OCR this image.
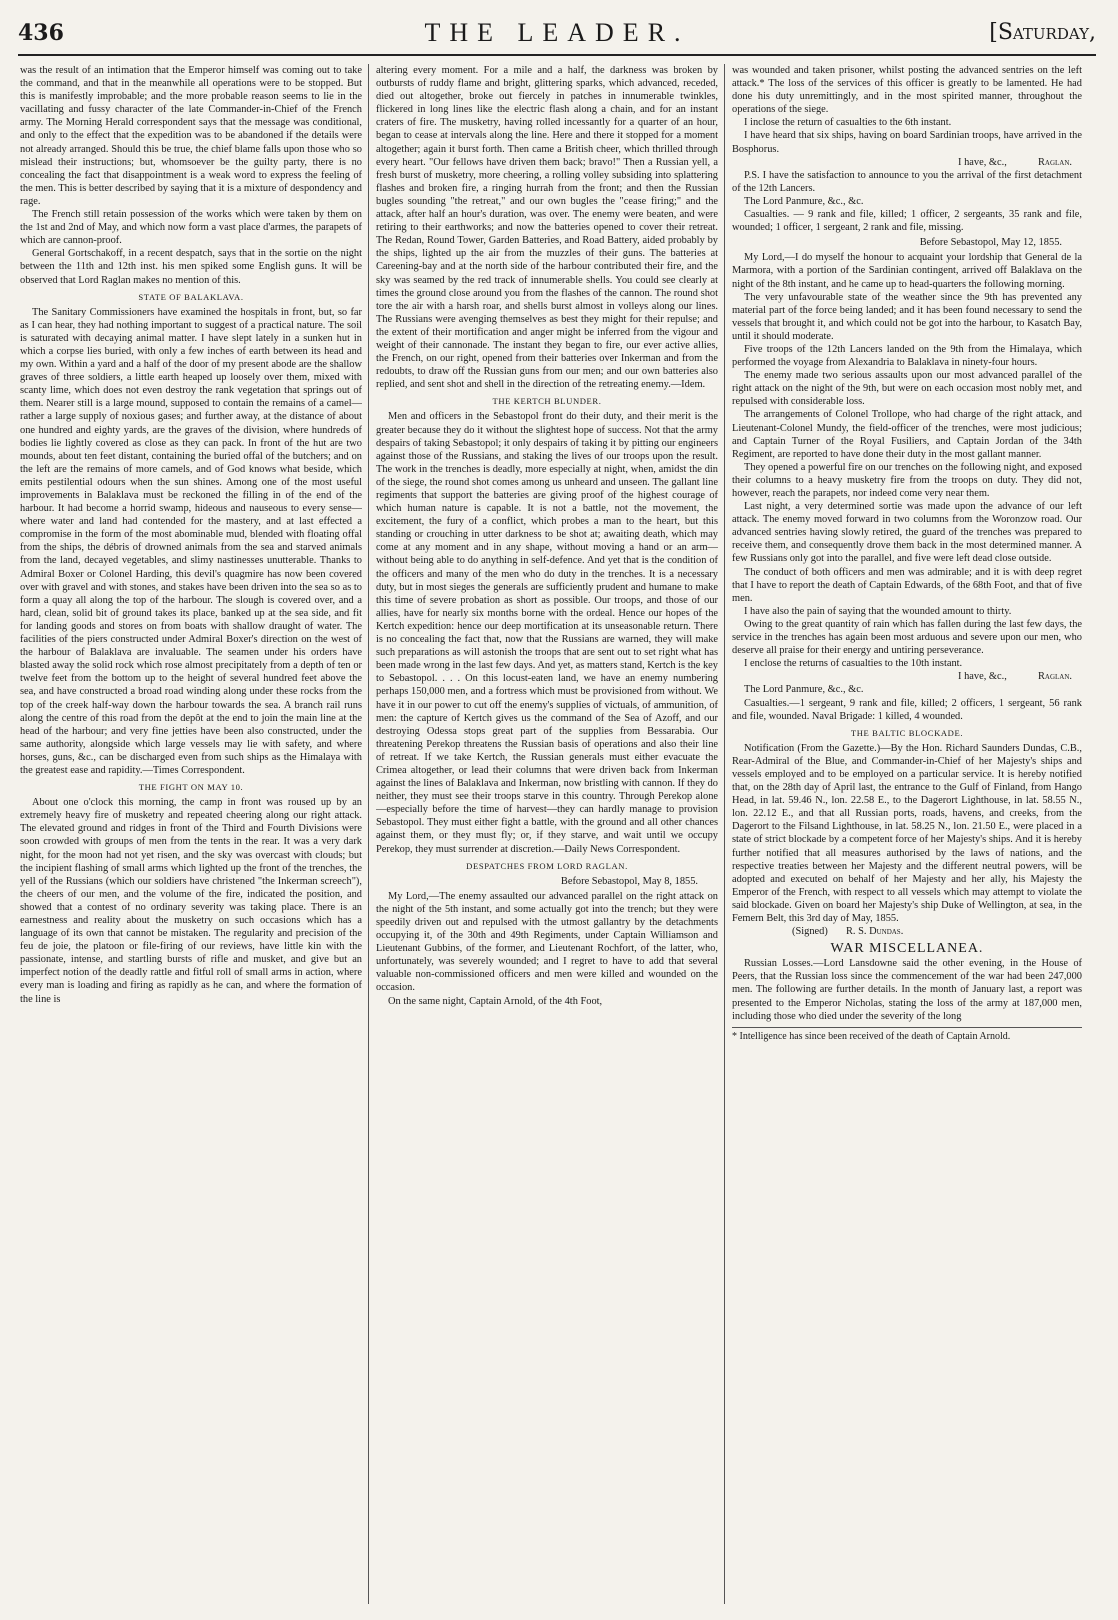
436	THE LEADER.	[Saturday,

was the result of an intimation that the Emperor himself was coming out to take the command, and that in the meanwhile all operations were to be stopped. But this is manifestly improbable; and the more probable reason seems to lie in the vacillating and fussy character of the late Commander-in-Chief of the French army. The Morning Herald correspondent says that the message was conditional, and only to the effect that the expedition was to be abandoned if the details were not already arranged. Should this be true, the chief blame falls upon those who so mislead their instructions; but, whomsoever be the guilty party, there is no concealing the fact that disappointment is a weak word to express the feeling of the men. This is better described by saying that it is a mixture of despondency and rage.

The French still retain possession of the works which were taken by them on the 1st and 2nd of May, and which now form a vast place d'armes, the parapets of which are cannon-proof.

General Gortschakoff, in a recent despatch, says that in the sortie on the night between the 11th and 12th inst. his men spiked some English guns. It will be observed that Lord Raglan makes no mention of this.

STATE OF BALAKLAVA.

The Sanitary Commissioners have examined the hospitals in front, but, so far as I can hear, they had nothing important to suggest of a practical nature. The soil is saturated with decaying animal matter. I have slept lately in a sunken hut in which a corpse lies buried, with only a few inches of earth between its head and my own. Within a yard and a half of the door of my present abode are the shallow graves of three soldiers, a little earth heaped up loosely over them, mixed with scanty lime, which does not even destroy the rank vegetation that springs out of them. Nearer still is a large mound, supposed to contain the remains of a camel—rather a large supply of noxious gases; and further away, at the distance of about one hundred and eighty yards, are the graves of the division, where hundreds of bodies lie lightly covered as close as they can pack. In front of the hut are two mounds, about ten feet distant, containing the buried offal of the butchers; and on the left are the remains of more camels, and of God knows what beside, which emits pestilential odours when the sun shines. Among one of the most useful improvements in Balaklava must be reckoned the filling in of the end of the harbour. It had become a horrid swamp, hideous and nauseous to every sense—where water and land had contended for the mastery, and at last effected a compromise in the form of the most abominable mud, blended with floating offal from the ships, the débris of drowned animals from the sea and starved animals from the land, decayed vegetables, and slimy nastinesses unutterable. Thanks to Admiral Boxer or Colonel Harding, this devil's quagmire has now been covered over with gravel and with stones, and stakes have been driven into the sea so as to form a quay all along the top of the harbour. The slough is covered over, and a hard, clean, solid bit of ground takes its place, banked up at the sea side, and fit for landing goods and stores on from boats with shallow draught of water. The facilities of the piers constructed under Admiral Boxer's direction on the west of the harbour of Balaklava are invaluable. The seamen under his orders have blasted away the solid rock which rose almost precipitately from a depth of ten or twelve feet from the bottom up to the height of several hundred feet above the sea, and have constructed a broad road winding along under these rocks from the top of the creek half-way down the harbour towards the sea. A branch rail runs along the centre of this road from the depôt at the end to join the main line at the head of the harbour; and very fine jetties have been also constructed, under the same authority, alongside which large vessels may lie with safety, and where horses, guns, &c., can be discharged even from such ships as the Himalaya with the greatest ease and rapidity.—Times Correspondent.

THE FIGHT ON MAY 10.

About one o'clock this morning, the camp in front was roused up by an extremely heavy fire of musketry and repeated cheering along our right attack. The elevated ground and ridges in front of the Third and Fourth Divisions were soon crowded with groups of men from the tents in the rear. It was a very dark night, for the moon had not yet risen, and the sky was overcast with clouds; but the incipient flashing of small arms which lighted up the front of the trenches, the yell of the Russians (which our soldiers have christened "the Inkerman screech"), the cheers of our men, and the volume of the fire, indicated the position, and showed that a contest of no ordinary severity was taking place. There is an earnestness and reality about the musketry on such occasions which has a language of its own that cannot be mistaken. The regularity and precision of the feu de joie, the platoon or file-firing of our reviews, have little kin with the passionate, intense, and startling bursts of rifle and musket, and give but an imperfect notion of the deadly rattle and fitful roll of small arms in action, where every man is loading and firing as rapidly as he can, and where the formation of the line is

altering every moment. For a mile and a half, the darkness was broken by outbursts of ruddy flame and bright, glittering sparks, which advanced, receded, died out altogether, broke out fiercely in patches in innumerable twinkles, flickered in long lines like the electric flash along a chain, and for an instant craters of fire. The musketry, having rolled incessantly for a quarter of an hour, began to cease at intervals along the line. Here and there it stopped for a moment altogether; again it burst forth. Then came a British cheer, which thrilled through every heart. "Our fellows have driven them back; bravo!" Then a Russian yell, a fresh burst of musketry, more cheering, a rolling volley subsiding into splattering flashes and broken fire, a ringing hurrah from the front; and then the Russian bugles sounding "the retreat," and our own bugles the "cease firing;" and the attack, after half an hour's duration, was over. The enemy were beaten, and were retiring to their earthworks; and now the batteries opened to cover their retreat. The Redan, Round Tower, Garden Batteries, and Road Battery, aided probably by the ships, lighted up the air from the muzzles of their guns. The batteries at Careening-bay and at the north side of the harbour contributed their fire, and the sky was seamed by the red track of innumerable shells. You could see clearly at times the ground close around you from the flashes of the cannon. The round shot tore the air with a harsh roar, and shells burst almost in volleys along our lines. The Russians were avenging themselves as best they might for their repulse; and the extent of their mortification and anger might be inferred from the vigour and weight of their cannonade. The instant they began to fire, our ever active allies, the French, on our right, opened from their batteries over Inkerman and from the redoubts, to draw off the Russian guns from our men; and our own batteries also replied, and sent shot and shell in the direction of the retreating enemy.—Idem.

THE KERTCH BLUNDER.

Men and officers in the Sebastopol front do their duty, and their merit is the greater because they do it without the slightest hope of success. Not that the army despairs of taking Sebastopol; it only despairs of taking it by pitting our engineers against those of the Russians, and staking the lives of our troops upon the result. The work in the trenches is deadly, more especially at night, when, amidst the din of the siege, the round shot comes among us unheard and unseen. The gallant line regiments that support the batteries are giving proof of the highest courage of which human nature is capable. It is not a battle, not the movement, the excitement, the fury of a conflict, which probes a man to the heart, but this standing or crouching in utter darkness to be shot at; awaiting death, which may come at any moment and in any shape, without moving a hand or an arm—without being able to do anything in self-defence. And yet that is the condition of the officers and many of the men who do duty in the trenches. It is a necessary duty, but in most sieges the generals are sufficiently prudent and humane to make this time of severe probation as short as possible. Our troops, and those of our allies, have for nearly six months borne with the ordeal. Hence our hopes of the Kertch expedition: hence our deep mortification at its unseasonable return. There is no concealing the fact that, now that the Russians are warned, they will make such preparations as will astonish the troops that are sent out to set right what has been made wrong in the last few days. And yet, as matters stand, Kertch is the key to Sebastopol. . . . On this locust-eaten land, we have an enemy numbering perhaps 150,000 men, and a fortress which must be provisioned from without. We have it in our power to cut off the enemy's supplies of victuals, of ammunition, of men: the capture of Kertch gives us the command of the Sea of Azoff, and our destroying Odessa stops great part of the supplies from Bessarabia. Our threatening Perekop threatens the Russian basis of operations and also their line of retreat. If we take Kertch, the Russian generals must either evacuate the Crimea altogether, or lead their columns that were driven back from Inkerman against the lines of Balaklava and Inkerman, now bristling with cannon. If they do neither, they must see their troops starve in this country. Through Perekop alone—especially before the time of harvest—they can hardly manage to provision Sebastopol. They must either fight a battle, with the ground and all other chances against them, or they must fly; or, if they starve, and wait until we occupy Perekop, they must surrender at discretion.—Daily News Correspondent.

DESPATCHES FROM LORD RAGLAN.
Before Sebastopol, May 8, 1855.

My Lord,—The enemy assaulted our advanced parallel on the right attack on the night of the 5th instant, and some actually got into the trench; but they were speedily driven out and repulsed with the utmost gallantry by the detachments occupying it, of the 30th and 49th Regiments, under Captain Williamson and Lieutenant Gubbins, of the former, and Lieutenant Rochfort, of the latter, who, unfortunately, was severely wounded; and I regret to have to add that several valuable non-commissioned officers and men were killed and wounded on the occasion.

On the same night, Captain Arnold, of the 4th Foot,

was wounded and taken prisoner, whilst posting the advanced sentries on the left attack.* The loss of the services of this officer is greatly to be lamented. He had done his duty unremittingly, and in the most spirited manner, throughout the operations of the siege.

I inclose the return of casualties to the 6th instant.

I have heard that six ships, having on board Sardinian troops, have arrived in the Bosphorus.

I have, &c.,	Raglan.

P.S. I have the satisfaction to announce to you the arrival of the first detachment of the 12th Lancers.

The Lord Panmure, &c., &c.

Casualties. — 9 rank and file, killed; 1 officer, 2 sergeants, 35 rank and file, wounded; 1 officer, 1 sergeant, 2 rank and file, missing.

Before Sebastopol, May 12, 1855.

My Lord,—I do myself the honour to acquaint your lordship that General de la Marmora, with a portion of the Sardinian contingent, arrived off Balaklava on the night of the 8th instant, and he came up to head-quarters the following morning.

The very unfavourable state of the weather since the 9th has prevented any material part of the force being landed; and it has been found necessary to send the vessels that brought it, and which could not be got into the harbour, to Kasatch Bay, until it should moderate.

Five troops of the 12th Lancers landed on the 9th from the Himalaya, which performed the voyage from Alexandria to Balaklava in ninety-four hours.

The enemy made two serious assaults upon our most advanced parallel of the right attack on the night of the 9th, but were on each occasion most nobly met, and repulsed with considerable loss.

The arrangements of Colonel Trollope, who had charge of the right attack, and Lieutenant-Colonel Mundy, the field-officer of the trenches, were most judicious; and Captain Turner of the Royal Fusiliers, and Captain Jordan of the 34th Regiment, are reported to have done their duty in the most gallant manner.

They opened a powerful fire on our trenches on the following night, and exposed their columns to a heavy musketry fire from the troops on duty. They did not, however, reach the parapets, nor indeed come very near them.

Last night, a very determined sortie was made upon the advance of our left attack. The enemy moved forward in two columns from the Woronzow road. Our advanced sentries having slowly retired, the guard of the trenches was prepared to receive them, and consequently drove them back in the most determined manner. A few Russians only got into the parallel, and five were left dead close outside.

The conduct of both officers and men was admirable; and it is with deep regret that I have to report the death of Captain Edwards, of the 68th Foot, and that of five men.

I have also the pain of saying that the wounded amount to thirty.

Owing to the great quantity of rain which has fallen during the last few days, the service in the trenches has again been most arduous and severe upon our men, who deserve all praise for their energy and untiring perseverance.

I enclose the returns of casualties to the 10th instant.

I have, &c.,	Raglan.

The Lord Panmure, &c., &c.

Casualties.—1 sergeant, 9 rank and file, killed; 2 officers, 1 sergeant, 56 rank and file, wounded. Naval Brigade: 1 killed, 4 wounded.

THE BALTIC BLOCKADE.

Notification (From the Gazette.)—By the Hon. Richard Saunders Dundas, C.B., Rear-Admiral of the Blue, and Commander-in-Chief of her Majesty's ships and vessels employed and to be employed on a particular service. It is hereby notified that, on the 28th day of April last, the entrance to the Gulf of Finland, from Hango Head, in lat. 59.46 N., lon. 22.58 E., to the Dagerort Lighthouse, in lat. 58.55 N., lon. 22.12 E., and that all Russian ports, roads, havens, and creeks, from the Dagerort to the Filsand Lighthouse, in lat. 58.25 N., lon. 21.50 E., were placed in a state of strict blockade by a competent force of her Majesty's ships. And it is hereby further notified that all measures authorised by the laws of nations, and the respective treaties between her Majesty and the different neutral powers, will be adopted and executed on behalf of her Majesty and her ally, his Majesty the Emperor of the French, with respect to all vessels which may attempt to violate the said blockade. Given on board her Majesty's ship Duke of Wellington, at sea, in the Femern Belt, this 3rd day of May, 1855.

(Signed) R. S. Dundas.
WAR MISCELLANEA.

Russian Losses.—Lord Lansdowne said the other evening, in the House of Peers, that the Russian loss since the commencement of the war had been 247,000 men. The following are further details. In the month of January last, a report was presented to the Emperor Nicholas, stating the loss of the army at 187,000 men, including those who died under the severity of the long

* Intelligence has since been received of the death of Captain Arnold.
